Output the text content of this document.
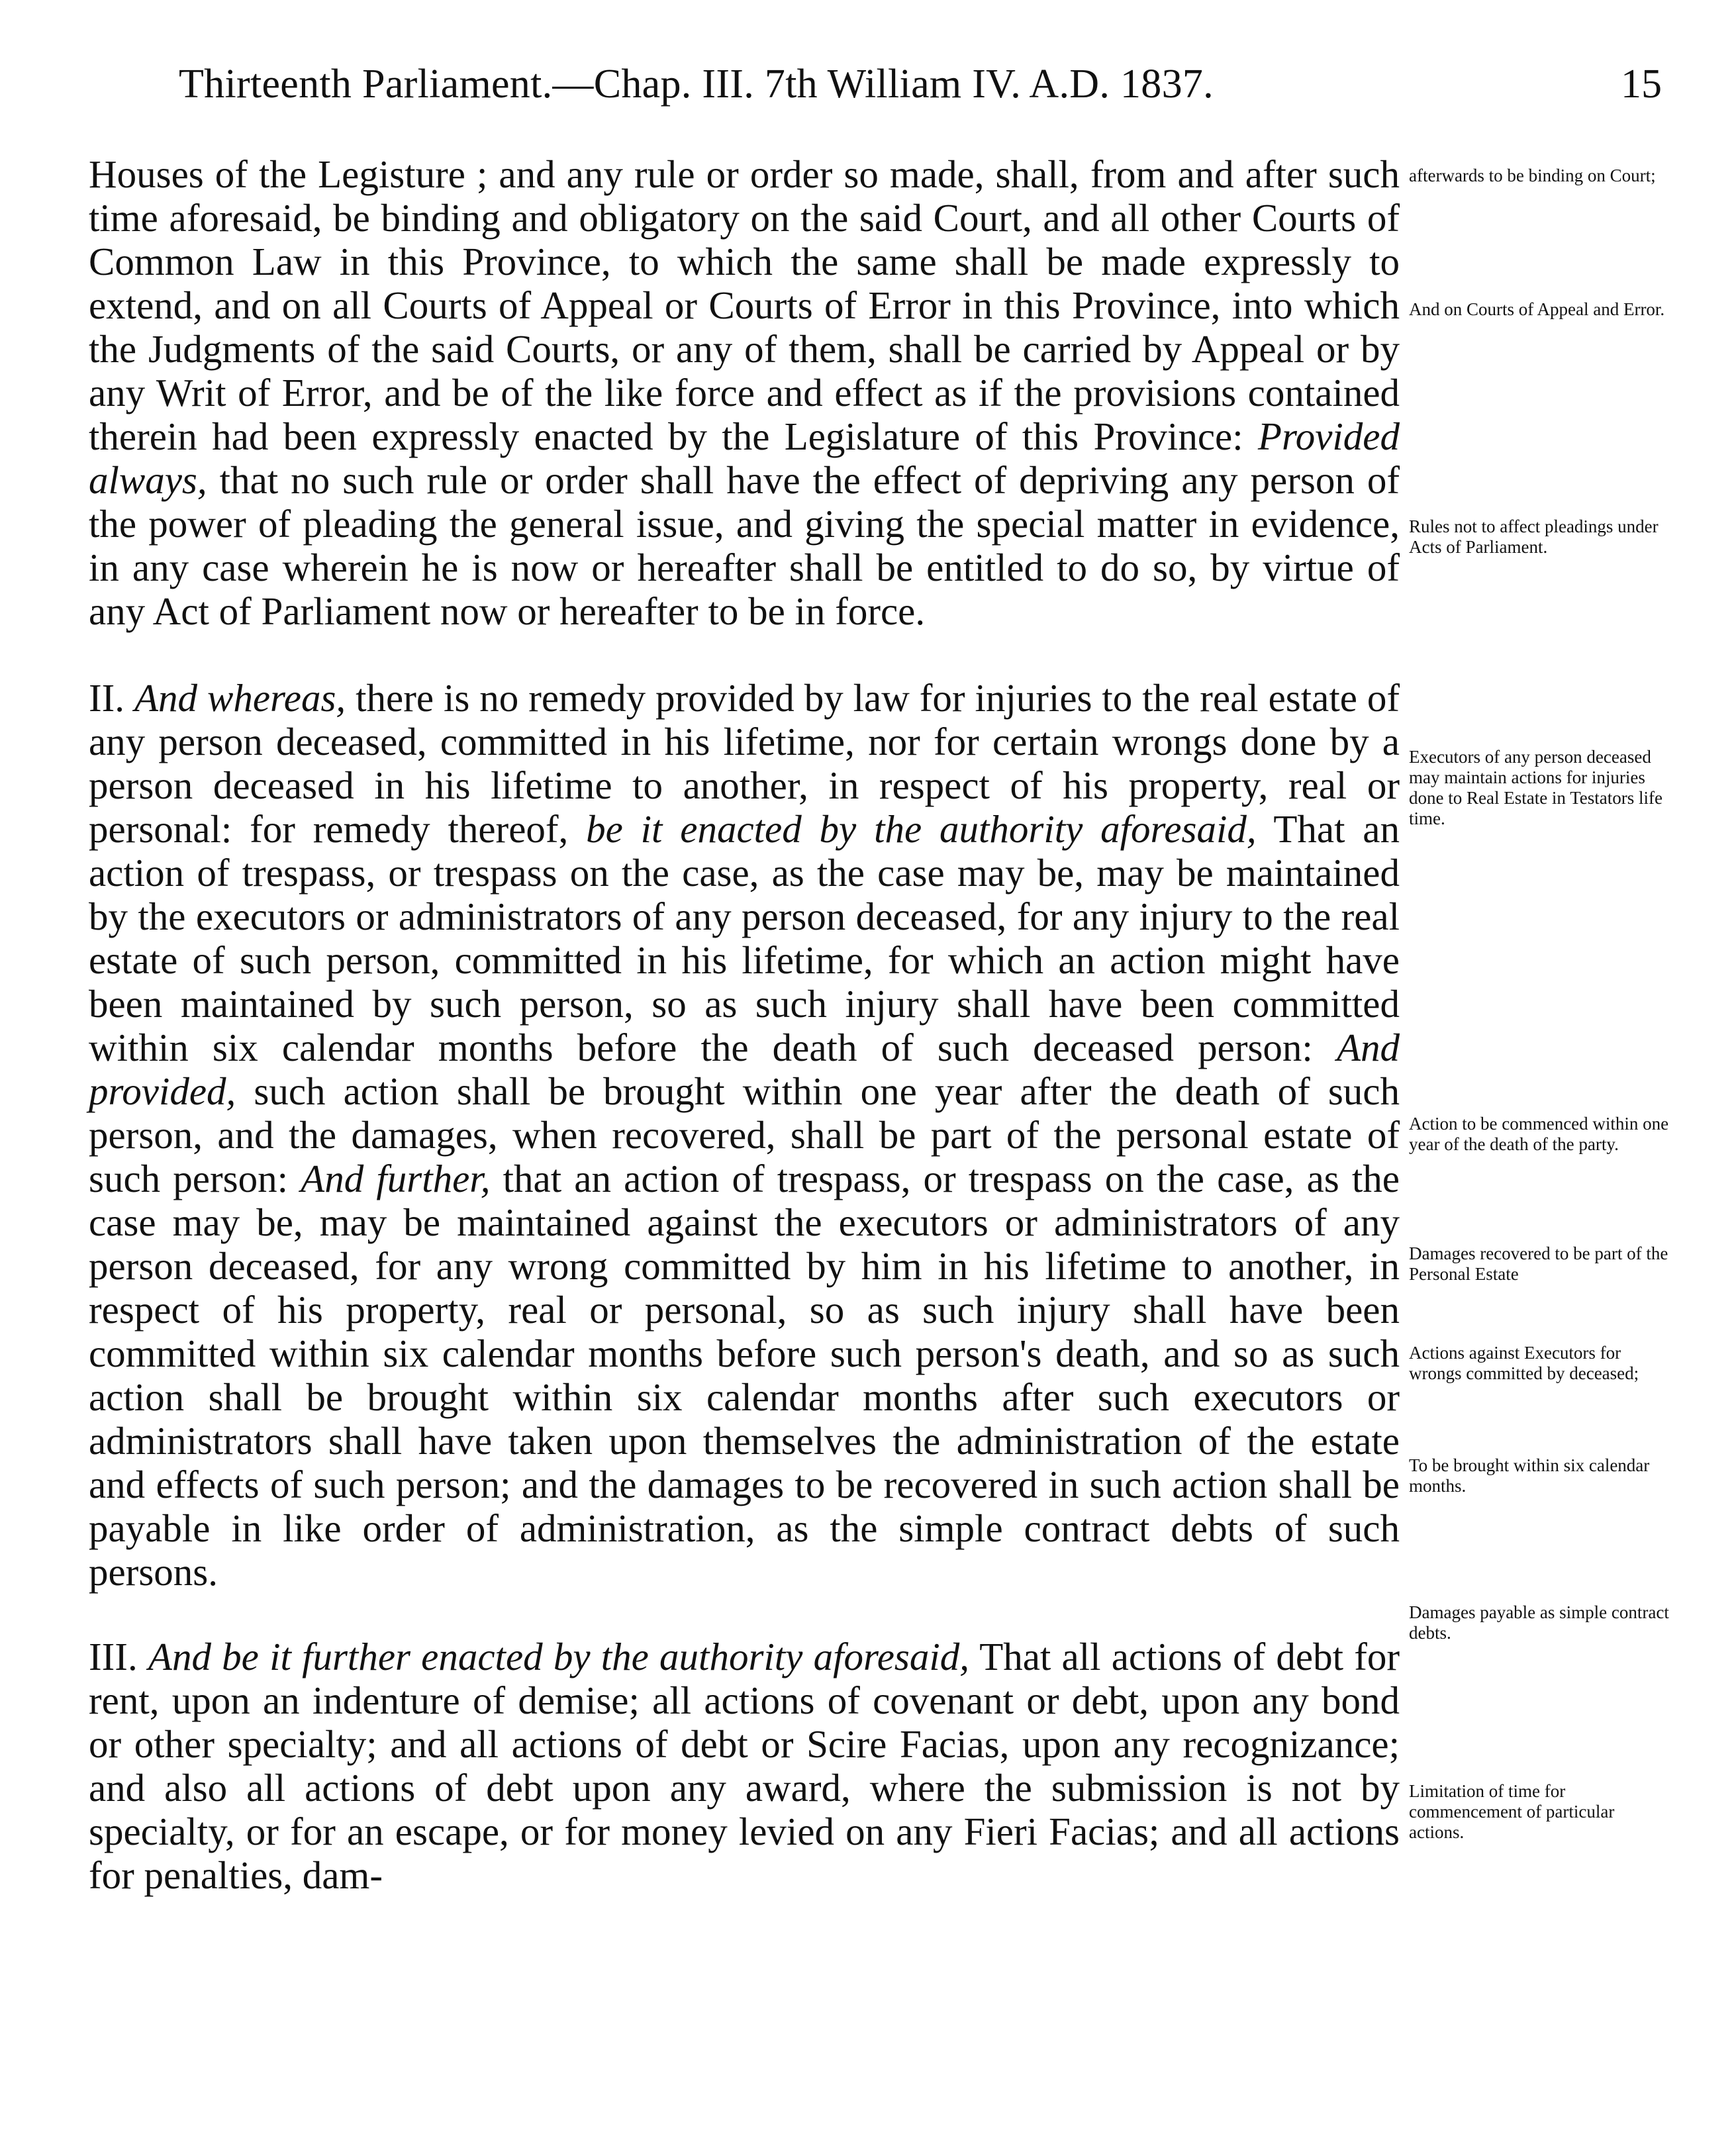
Thirteenth Parliament.—Chap. III. 7th William IV. A.D. 1837.	15

Houses of the Legisture ; and any rule or order so made, shall, from and after such time aforesaid, be binding and obligatory on the said Court, and all other Courts of Common Law in this Province, to which the same shall be made expressly to extend, and on all Courts of Appeal or Courts of Error in this Province, into which the Judgments of the said Courts, or any of them, shall be carried by Appeal or by any Writ of Error, and be of the like force and effect as if the provisions contained therein had been expressly enacted by the Legislature of this Province: Provided always, that no such rule or order shall have the effect of depriving any person of the power of pleading the general issue, and giving the special matter in evidence, in any case wherein he is now or hereafter shall be entitled to do so, by virtue of any Act of Parliament now or hereafter to be in force.

II. And whereas, there is no remedy provided by law for injuries to the real estate of any person deceased, committed in his lifetime, nor for certain wrongs done by a person deceased in his lifetime to another, in respect of his property, real or personal: for remedy thereof, be it enacted by the authority aforesaid, That an action of trespass, or trespass on the case, as the case may be, may be maintained by the executors or administrators of any person deceased, for any injury to the real estate of such person, committed in his lifetime, for which an action might have been maintained by such person, so as such injury shall have been committed within six calendar months before the death of such deceased person: And provided, such action shall be brought within one year after the death of such person, and the damages, when recovered, shall be part of the personal estate of such person: And further, that an action of trespass, or trespass on the case, as the case may be, may be maintained against the executors or administrators of any person deceased, for any wrong committed by him in his lifetime to another, in respect of his property, real or personal, so as such injury shall have been committed within six calendar months before such person's death, and so as such action shall be brought within six calendar months after such executors or administrators shall have taken upon themselves the administration of the estate and effects of such person; and the damages to be recovered in such action shall be payable in like order of administration, as the simple contract debts of such persons.

III. And be it further enacted by the authority aforesaid, That all actions of debt for rent, upon an indenture of demise; all actions of covenant or debt, upon any bond or other specialty; and all actions of debt or Scire Facias, upon any recognizance; and also all actions of debt upon any award, where the submission is not by specialty, or for an escape, or for money levied on any Fieri Facias; and all actions for penalties, dam-

afterwards to be binding on Court;
And on Courts of Appeal and Error.
Rules not to affect pleadings under Acts of Parliament.
Executors of any person deceased may maintain actions for injuries done to Real Estate in Testators life time.
Action to be commenced within one year of the death of the party.
Damages recovered to be part of the Personal Estate
Actions against Executors for wrongs committed by deceased;
To be brought within six calendar months.
Damages payable as simple contract debts.
Limitation of time for commencement of particular actions.
